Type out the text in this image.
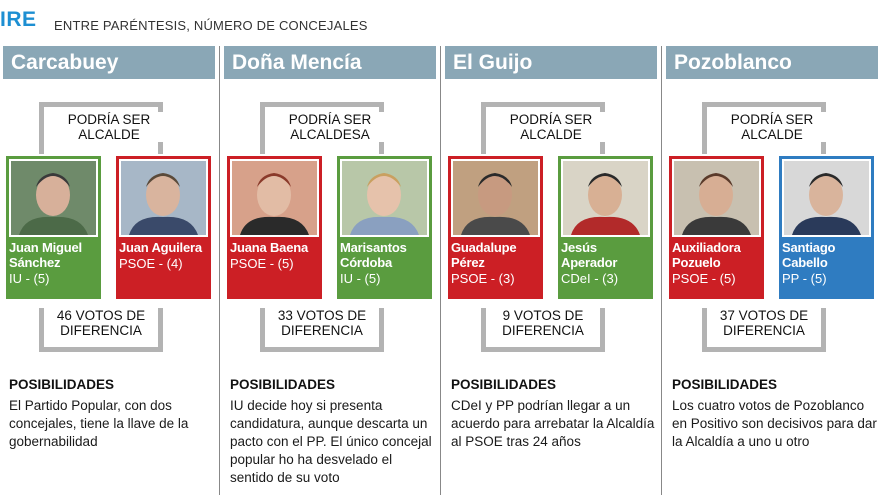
IRE ENTRE PARÉNTESIS, NÚMERO DE CONCEJALES
Carcabuey
PODRÍA SER ALCALDE
Juan Miguel Sánchez
IU - (5)
Juan Aguilera
PSOE - (4)
46 VOTOS DE DIFERENCIA
POSIBILIDADES
El Partido Popular, con dos concejales, tiene la llave de la gobernabilidad
Doña Mencía
PODRÍA SER ALCALDESA
Juana Baena
PSOE - (5)
Marisantos Córdoba
IU - (5)
33 VOTOS DE DIFERENCIA
POSIBILIDADES
IU decide hoy si presenta candidatura, aunque descarta un pacto con el PP. El único concejal popular ho ha desvelado el sentido de su voto
El Guijo
PODRÍA SER ALCALDE
Guadalupe Pérez
PSOE - (3)
Jesús Aperador
CDeI - (3)
9 VOTOS DE DIFERENCIA
POSIBILIDADES
CDeI y PP podrían llegar a un acuerdo para arrebatar la Alcaldía al PSOE tras 24 años
Pozoblanco
PODRÍA SER ALCALDE
Auxiliadora Pozuelo
PSOE - (5)
Santiago Cabello
PP - (5)
37 VOTOS DE DIFERENCIA
POSIBILIDADES
Los cuatro votos de Pozoblanco en Positivo son decisivos para dar la Alcaldía a uno u otro
